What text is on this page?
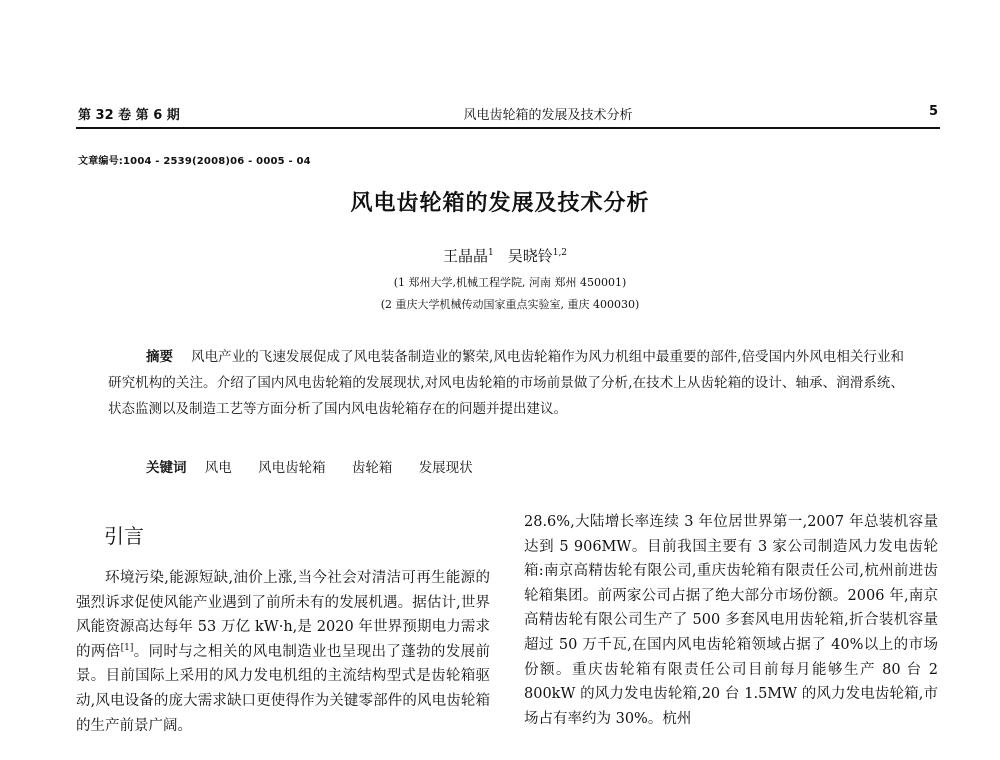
第 32 卷 第 6 期	风电齿轮箱的发展及技术分析	5
文章编号:1004 - 2539(2008)06 - 0005 - 04
风电齿轮箱的发展及技术分析
王晶晶$^1$ 吴晓铃$^{1,2}$
(1 郑州大学,机械工程学院, 河南 郑州 450001)
(2 重庆大学机械传动国家重点实验室, 重庆 400030)
摘要 风电产业的飞速发展促成了风电装备制造业的繁荣,风电齿轮箱作为风力机组中最重要的部件,倍受国内外风电相关行业和研究机构的关注。介绍了国内风电齿轮箱的发展现状,对风电齿轮箱的市场前景做了分析,在技术上从齿轮箱的设计、轴承、润滑系统、状态监测以及制造工艺等方面分析了国内风电齿轮箱存在的问题并提出建议。
关键词 风电 风电齿轮箱 齿轮箱 发展现状
引言
环境污染,能源短缺,油价上涨,当今社会对清洁可再生能源的强烈诉求促使风能产业遇到了前所未有的发展机遇。据估计,世界风能资源高达每年 53 万亿 kW·h,是 2020 年世界预期电力需求的两倍[1]。同时与之相关的风电制造业也呈现出了蓬勃的发展前景。目前国际上采用的风力发电机组的主流结构型式是齿轮箱驱动,风电设备的庞大需求缺口更使得作为关键零部件的风电齿轮箱的生产前景广阔。
28.6%,大陆增长率连续 3 年位居世界第一,2007 年总装机容量达到 5 906MW。目前我国主要有 3 家公司制造风力发电齿轮箱:南京高精齿轮有限公司,重庆齿轮箱有限责任公司,杭州前进齿轮箱集团。前两家公司占据了绝大部分市场份额。2006 年,南京高精齿轮有限公司生产了 500 多套风电用齿轮箱,折合装机容量超过 50 万千瓦,在国内风电齿轮箱领域占据了 40%以上的市场份额。重庆齿轮箱有限责任公司目前每月能够生产 80 台 2 800kW 的风力发电齿轮箱,20 台 1.5MW 的风力发电齿轮箱,市场占有率约为 30%。杭州
